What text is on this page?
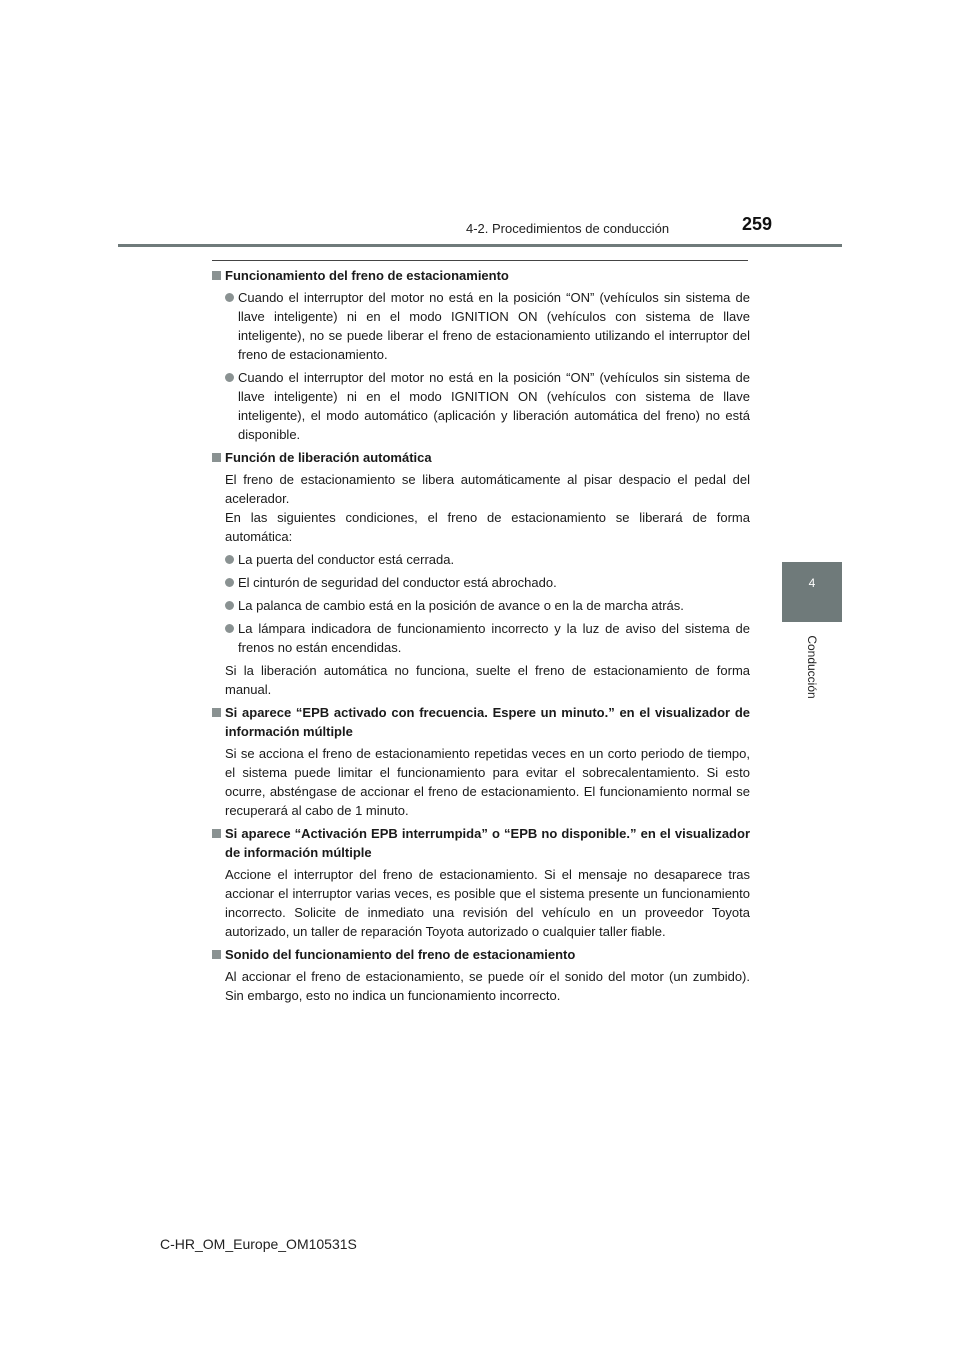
4-2. Procedimientos de conducción	259
4
Conducción
Funcionamiento del freno de estacionamiento
Cuando el interruptor del motor no está en la posición “ON” (vehículos sin sistema de llave inteligente) ni en el modo IGNITION ON (vehículos con sistema de llave inteligente), no se puede liberar el freno de estacionamiento utilizando el interruptor del freno de estacionamiento.
Cuando el interruptor del motor no está en la posición “ON” (vehículos sin sistema de llave inteligente) ni en el modo IGNITION ON (vehículos con sistema de llave inteligente), el modo automático (aplicación y liberación automática del freno) no está disponible.
Función de liberación automática
El freno de estacionamiento se libera automáticamente al pisar despacio el pedal del acelerador.
En las siguientes condiciones, el freno de estacionamiento se liberará de forma automática:
La puerta del conductor está cerrada.
El cinturón de seguridad del conductor está abrochado.
La palanca de cambio está en la posición de avance o en la de marcha atrás.
La lámpara indicadora de funcionamiento incorrecto y la luz de aviso del sistema de frenos no están encendidas.
Si la liberación automática no funciona, suelte el freno de estacionamiento de forma manual.
Si aparece “EPB activado con frecuencia. Espere un minuto.” en el visualizador de información múltiple
Si se acciona el freno de estacionamiento repetidas veces en un corto periodo de tiempo, el sistema puede limitar el funcionamiento para evitar el sobrecalentamiento. Si esto ocurre, absténgase de accionar el freno de estacionamiento. El funcionamiento normal se recuperará al cabo de 1 minuto.
Si aparece “Activación EPB interrumpida” o “EPB no disponible.” en el visualizador de información múltiple
Accione el interruptor del freno de estacionamiento. Si el mensaje no desaparece tras accionar el interruptor varias veces, es posible que el sistema presente un funcionamiento incorrecto. Solicite de inmediato una revisión del vehículo en un proveedor Toyota autorizado, un taller de reparación Toyota autorizado o cualquier taller fiable.
Sonido del funcionamiento del freno de estacionamiento
Al accionar el freno de estacionamiento, se puede oír el sonido del motor (un zumbido). Sin embargo, esto no indica un funcionamiento incorrecto.
C-HR_OM_Europe_OM10531S
